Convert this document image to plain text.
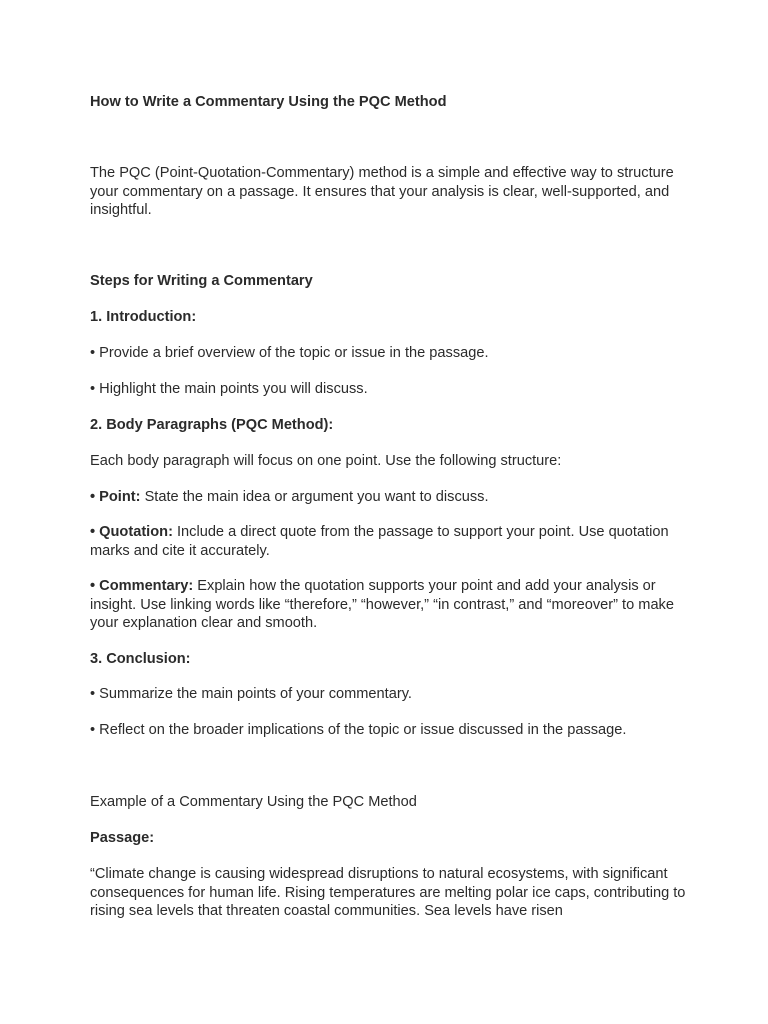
How to Write a Commentary Using the PQC Method

The PQC (Point-Quotation-Commentary) method is a simple and effective way to structure your commentary on a passage. It ensures that your analysis is clear, well-supported, and insightful.

Steps for Writing a Commentary

1. Introduction:

• Provide a brief overview of the topic or issue in the passage.

• Highlight the main points you will discuss.

2. Body Paragraphs (PQC Method):

Each body paragraph will focus on one point. Use the following structure:

• Point: State the main idea or argument you want to discuss.

• Quotation: Include a direct quote from the passage to support your point. Use quotation marks and cite it accurately.

• Commentary: Explain how the quotation supports your point and add your analysis or insight. Use linking words like “therefore,” “however,” “in contrast,” and “moreover” to make your explanation clear and smooth.

3. Conclusion:

• Summarize the main points of your commentary.

• Reflect on the broader implications of the topic or issue discussed in the passage.

Example of a Commentary Using the PQC Method

Passage:

“Climate change is causing widespread disruptions to natural ecosystems, with significant consequences for human life. Rising temperatures are melting polar ice caps, contributing to rising sea levels that threaten coastal communities. Sea levels have risen
